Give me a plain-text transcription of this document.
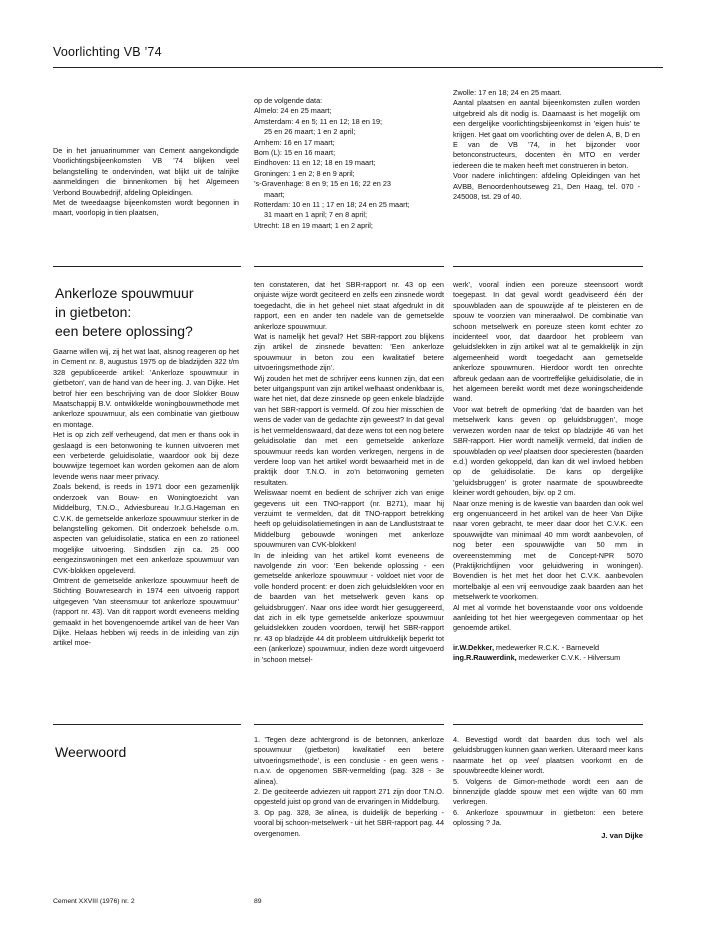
Voorlichting VB ’74

De in het januarinummer van Cement aangekondigde Voorlichtingsbijeenkomsten VB ’74 blijken veel belangstelling te ondervinden, wat blijkt uit de talrijke aanmeldingen die binnenkomen bij het Algemeen Verbond Bouwbedrijf, afdeling Opleidingen.

Met de tweedaagse bijeenkomsten wordt begonnen in maart, voorlopig in tien plaatsen,

op de volgende data:
Almelo: 24 en 25 maart;
Amsterdam: 4 en 5; 11 en 12; 18 en 19;
25 en 26 maart; 1 en 2 april;
Arnhem: 16 en 17 maart;
Bom (L): 15 en 16 maart;
Eindhoven: 11 en 12; 18 en 19 maart;
Groningen: 1 en 2; 8 en 9 april;
’s-Gravenhage: 8 en 9; 15 en 16; 22 en 23
maart;
Rotterdam: 10 en 11 ; 17 en 18; 24 en 25 maart;
31 maart en 1 april; 7 en 8 april;
Utrecht: 18 en 19 maart; 1 en 2 april;

Zwolle: 17 en 18; 24 en 25 maart.

Aantal plaatsen en aantal bijeenkomsten zullen worden uitgebreid als dit nodig is. Daarnaast is het mogelijk om een dergelijke voorlichtingsbijeenkomst in ’eigen huis’ te krijgen. Het gaat om voorlichting over de delen A, B, D en E van de VB ’74, in het bijzonder voor betonconstructeurs, docenten èn MTO en verder iedereen die te maken heeft met construeren in beton.

Voor nadere inlichtingen: afdeling Opleidingen van het AVBB, Benoordenhoutseweg 21, Den Haag, tel. 070 - 245008, tst. 29 of 40.

Ankerloze spouwmuur
in gietbeton:
een betere oplossing?
Gaarne willen wij, zij het wat laat, alsnog reageren op het in Cement nr. 8, augustus 1975 op de bladzijden 322 t/m 328 gepubliceerde artikel: ’Ankerloze spouwmuur in gietbeton’, van de hand van de heer ing. J. van Dijke. Het betrof hier een beschrijving van de door Slokker Bouw Maatschappij B.V. ontwikkelde woningbouwmethode met ankerloze spouwmuur, als een combinatie van gietbouw en montage.
Het is op zich zelf verheugend, dat men er thans ook in geslaagd is een betonwoning te kunnen uitvoeren met een verbeterde geluidisolatie, waardoor ook bij deze bouwwijze tegemoet kan worden gekomen aan de alom levende wens naar meer privacy.
Zoals bekend, is reeds in 1971 door een gezamenlijk onderzoek van Bouw- en Woningtoezicht van Middelburg, T.N.O., Adviesbureau Ir.J.G.Hageman en C.V.K. de gemetselde ankerloze spouwmuur sterker in de belangstelling gekomen. Dit onderzoek behelsde o.m. aspecten van geluidisolatie, statica en een zo rationeel mogelijke uitvoering. Sindsdien zijn ca. 25 000 eengezinswoningen met een ankerloze spouwmuur van CVK-blokken opgeleverd.
Omtrent de gemetselde ankerloze spouwmuur heeft de Stichting Bouwresearch in 1974 een uitvoerig rapport uitgegeven ’Van steensmuur tot ankerloze spouwmuur’ (rapport nr. 43). Van dit rapport wordt eveneens melding gemaakt in het bovengenoemde artikel van de heer Van Dijke. Helaas hebben wij reeds in de inleiding van zijn artikel moe-
ten constateren, dat het SBR-rapport nr. 43 op een onjuiste wijze wordt geciteerd en zelfs een zinsnede wordt toegedacht, die in het geheel niet staat afgedrukt in dit rapport, een en ander ten nadele van de gemetselde ankerloze spouwmuur.
Wat is namelijk het geval? Het SBR-rapport zou blijkens zijn artikel de zinsnede bevatten: ’Een ankerloze spouwmuur in beton zou een kwalitatief betere uitvoeringsmethode zijn’.
Wij zouden het met de schrijver eens kunnen zijn, dat een beter uitgangspunt van zijn artikel welhaast ondenkbaar is, ware het niet, dat deze zinsnede op geen enkele bladzijde van het SBR-rapport is vermeld. Of zou hier misschien de wens de vader van de gedachte zijn geweest? In dat geval is het vermeldenswaard, dat deze wens tot een nog betere geluidisolatie dan met een gemetselde ankerloze spouwmuur reeds kan worden verkregen, nergens in de verdere loop van het artikel wordt bewaarheid met in de praktijk door T.N.O. in zo’n betonwoning gemeten resultaten.
Weliswaar noemt en bedient de schrijver zich van enige gegevens uit een TNO-rapport (nr. B271), maar hij verzuimt te vermelden, dat dit TNO-rapport betrekking heeft op geluidisolatiemetingen in aan de Landluststraat te Middelburg gebouwde woningen met ankerloze spouwmuren van CVK-blokken!
In de inleiding van het artikel komt eveneens de navolgende zin voor: ’Een bekende oplossing - een gemetselde ankerloze spouwmuur - voldoet niet voor de volle honderd procent: er doen zich geluidslekken voor en de baarden van het metselwerk geven kans op geluidsbruggen’. Naar ons idee wordt hier gesuggereerd, dat zich in elk type gemetselde ankerloze spouwmuur geluidslekken zouden voordoen, terwijl het SBR-rapport nr. 43 op bladzijde 44 dit probleem uitdrukkelijk beperkt tot een (ankerloze) spouwmuur, indien deze wordt uitgevoerd in ’schoon metsel-

werk’, vooral indien een poreuze steensoort wordt toegepast. In dat geval wordt geadviseerd één der spouwbladen aan de spouwzijde af te pleisteren en de spouw te voorzien van mineraalwol. De combinatie van schoon metselwerk en poreuze steen komt echter zo incidenteel voor, dat daardoor het probleem van geluidslekken in zijn artikel wat al te gemakkelijk in zijn algemeenheid wordt toegedacht aan gemetselde ankerloze spouwmuren. Hierdoor wordt ten onrechte afbreuk gedaan aan de voortreffelijke geluidisolatie, die in het algemeen bereikt wordt met deze woningscheidende wand.

Voor wat betreft de opmerking ’dat de baarden van het metselwerk kans geven op geluidsbruggen’, moge verwezen worden naar de tekst op bladzijde 46 van het SBR-rapport. Hier wordt namelijk vermeld, dat indien de spouwbladen op veel plaatsen door specieresten (baarden e.d.) worden gekoppeld, dan kan dit wel invloed hebben op de geluidisolatie. De kans op dergelijke ’geluidsbruggen’ is groter naarmate de spouwbreedte kleiner wordt gehouden, bijv. op 2 cm.

Naar onze mening is de kwestie van baarden dan ook wel erg ongenuanceerd in het artikel van de heer Van Dijke naar voren gebracht, te meer daar door het C.V.K. een spouwwijdte van minimaal 40 mm wordt aanbevolen, of nog beter een spouwwijdte van 50 mm in overeenstemming met de Concept-NPR 5070 (Praktijkrichtlijnen voor geluidwering in woningen). Bovendien is het met het door het C.V.K. aanbevolen mortelbakje al een vrij eenvoudige zaak baarden aan het metselwerk te voorkomen.

Al met al vormde het bovenstaande voor ons voldoende aanleiding tot het hier weergegeven commentaar op het genoemde artikel.

ir.W.Dekker, medewerker R.C.K. - Barneveld
ing.R.Rauwerdink, medewerker C.V.K. - Hilversum

Weerwoord

1. ’Tegen deze achtergrond is de betonnen, ankerloze spouwmuur (gietbeton) kwalitatief een betere uitvoeringsmethode’, is een conclusie - en geen wens - n.a.v. de opgenomen SBR-vermelding (pag. 328 - 3e alinea).

2. De geciteerde adviezen uit rapport 271 zijn door T.N.O. opgesteld juist op grond van de ervaringen in Middelburg.

3. Op pag. 328, 3e alinea, is duidelijk de beperking - vooral bij schoon-metselwerk - uit het SBR-rapport pag. 44 overgenomen.

4. Bevestigd wordt dat baarden dus toch wel als geluidsbruggen kunnen gaan werken. Uiteraard meer kans naarmate het op veel plaatsen voorkomt en de spouwbreedte kleiner wordt.

5. Volgens de Gimon-methode wordt een aan de binnenzijde gladde spouw met een wijdte van 60 mm verkregen.

6. Ankerloze spouwmuur in gietbeton: een betere oplossing ? Ja.

J. van Dijke
Cement XXVIII (1976) nr. 2	89
